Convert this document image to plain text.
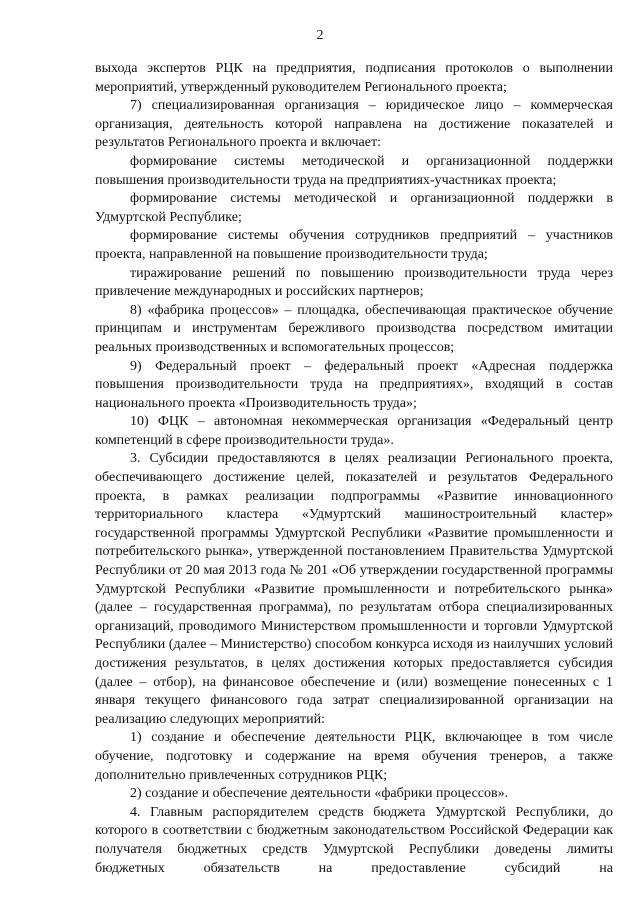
2

выхода экспертов РЦК на предприятия, подписания протоколов о выполнении мероприятий, утвержденный руководителем Регионального проекта;

7) специализированная организация – юридическое лицо – коммерческая организация, деятельность которой направлена на достижение показателей и результатов Регионального проекта и включает:

формирование системы методической и организационной поддержки повышения производительности труда на предприятиях-участниках проекта;

формирование системы методической и организационной поддержки в Удмуртской Республике;

формирование системы обучения сотрудников предприятий – участников проекта, направленной на повышение производительности труда;

тиражирование решений по повышению производительности труда через привлечение международных и российских партнеров;

8) «фабрика процессов» – площадка, обеспечивающая практическое обучение принципам и инструментам бережливого производства посредством имитации реальных производственных и вспомогательных процессов;

9) Федеральный проект – федеральный проект «Адресная поддержка повышения производительности труда на предприятиях», входящий в состав национального проекта «Производительность труда»;

10) ФЦК – автономная некоммерческая организация «Федеральный центр компетенций в сфере производительности труда».

3. Субсидии предоставляются в целях реализации Регионального проекта, обеспечивающего достижение целей, показателей и результатов Федерального проекта, в рамках реализации подпрограммы «Развитие инновационного территориального кластера «Удмуртский машиностроительный кластер» государственной программы Удмуртской Республики «Развитие промышленности и потребительского рынка», утвержденной постановлением Правительства Удмуртской Республики от 20 мая 2013 года № 201 «Об утверждении государственной программы Удмуртской Республики «Развитие промышленности и потребительского рынка» (далее – государственная программа), по результатам отбора специализированных организаций, проводимого Министерством промышленности и торговли Удмуртской Республики (далее – Министерство) способом конкурса исходя из наилучших условий достижения результатов, в целях достижения которых предоставляется субсидия (далее – отбор), на финансовое обеспечение и (или) возмещение понесенных с 1 января текущего финансового года затрат специализированной организации на реализацию следующих мероприятий:

1) создание и обеспечение деятельности РЦК, включающее в том числе обучение, подготовку и содержание на время обучения тренеров, а также дополнительно привлеченных сотрудников РЦК;

2) создание и обеспечение деятельности «фабрики процессов».

4. Главным распорядителем средств бюджета Удмуртской Республики, до которого в соответствии с бюджетным законодательством Российской Федерации как получателя бюджетных средств Удмуртской Республики доведены лимиты бюджетных обязательств на предоставление субсидий на
